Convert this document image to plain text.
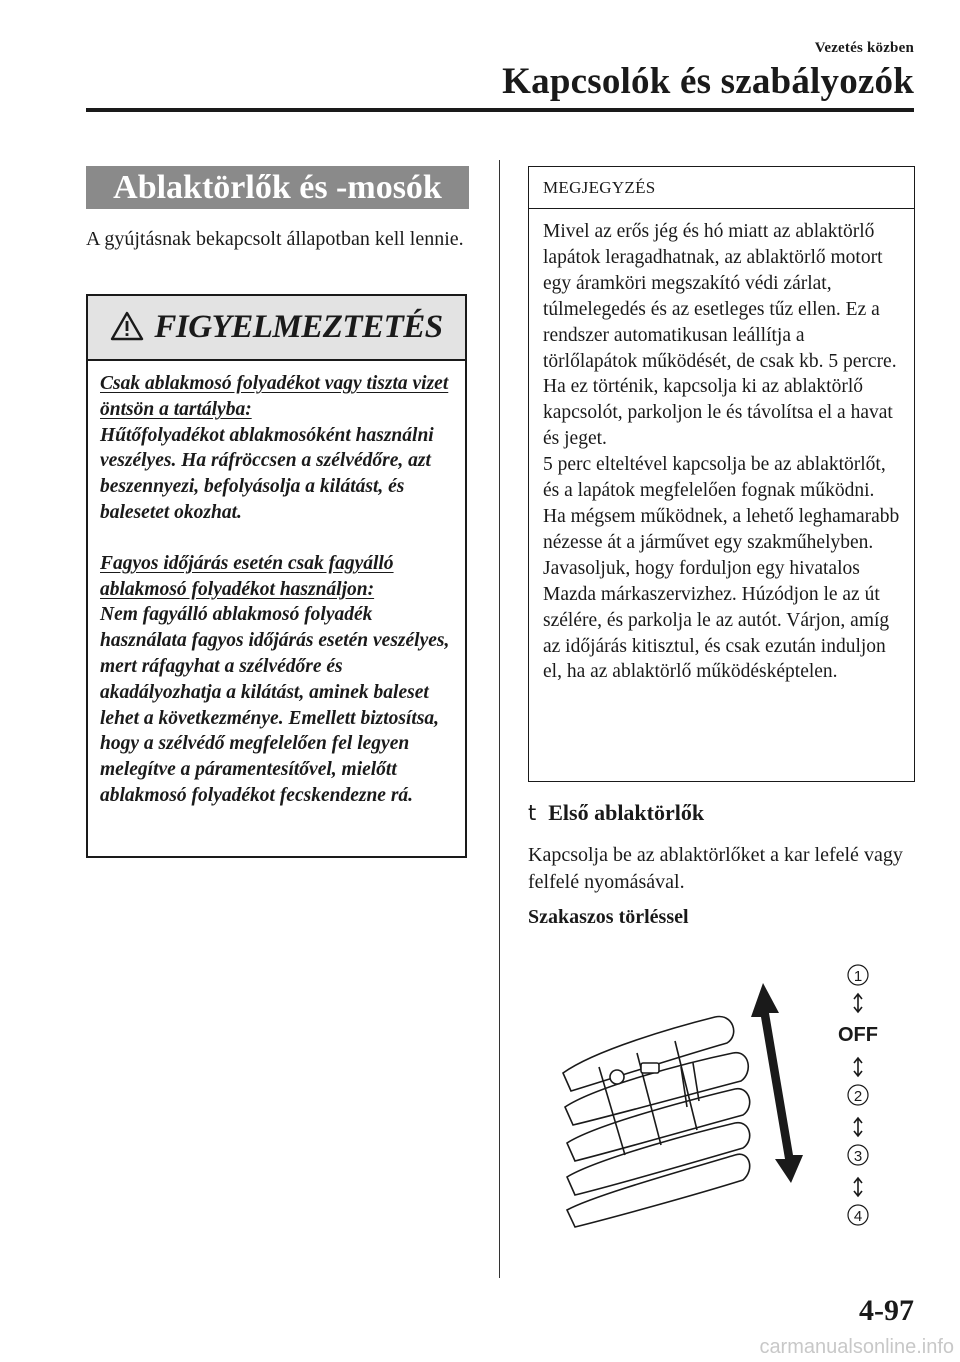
Vezetés közben
Kapcsolók és szabályozók
Ablaktörlők és -mosók
A gyújtásnak bekapcsolt állapotban kell lennie.
FIGYELMEZTETÉS

Csak ablakmosó folyadékot vagy tiszta vizet öntsön a tartályba:
Hűtőfolyadékot ablakmosóként használni veszélyes. Ha ráfröccsen a szélvédőre, azt beszennyezi, befolyásolja a kilátást, és balesetet okozhat.

Fagyos időjárás esetén csak fagyálló ablakmosó folyadékot használjon:
Nem fagyálló ablakmosó folyadék használata fagyos időjárás esetén veszélyes, mert ráfagyhat a szélvédőre és akadályozhatja a kilátást, aminek baleset lehet a következménye. Emellett biztosítsa, hogy a szélvédő megfelelően fel legyen melegítve a páramentesítővel, mielőtt ablakmosó folyadékot fecskendezne rá.

MEGJEGYZÉS

Mivel az erős jég és hó miatt az ablaktörlő lapátok leragadhatnak, az ablaktörlő motort egy áramköri megszakító védi zárlat, túlmelegedés és az esetleges tűz ellen. Ez a rendszer automatikusan leállítja a törlőlapátok működését, de csak kb. 5 percre.

Ha ez történik, kapcsolja ki az ablaktörlő kapcsolót, parkoljon le és távolítsa el a havat és jeget.

5 perc elteltével kapcsolja be az ablaktörlőt, és a lapátok megfelelően fognak működni. Ha mégsem működnek, a lehető leghamarabb nézesse át a járművet egy szakműhelyben. Javasoljuk, hogy forduljon egy hivatalos Mazda márkaszervizhez. Húzódjon le az út szélére, és parkolja le az autót. Várjon, amíg az időjárás kitisztul, és csak ezután induljon el, ha az ablaktörlő működésképtelen.

t Első ablaktörlők
Kapcsolja be az ablaktörlőket a kar lefelé vagy felfelé nyomásával.
Szakaszos törléssel
1
OFF
2
3
4
4-97
carmanualsonline.info
